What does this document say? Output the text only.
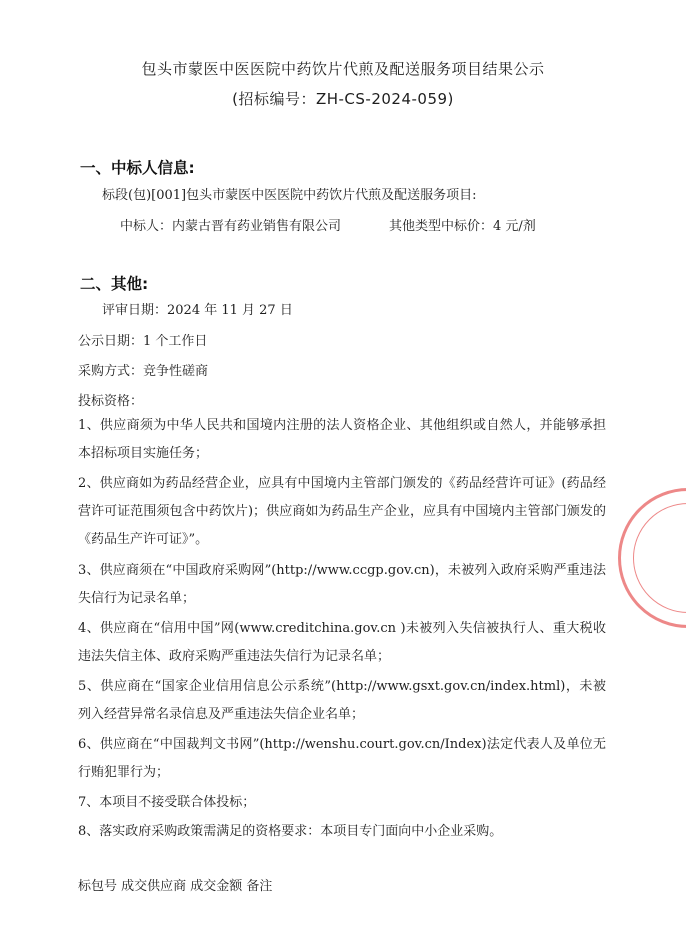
包头市蒙医中医医院中药饮片代煎及配送服务项目结果公示
(招标编号：ZH-CS-2024-059)
一、中标人信息:
标段(包)[001]包头市蒙医中医医院中药饮片代煎及配送服务项目:
中标人：内蒙古晋有药业销售有限公司	其他类型中标价：4 元/剂
二、其他:
评审日期：2024 年 11 月 27 日
公示日期：1 个工作日
采购方式：竞争性磋商
投标资格：
1、供应商须为中华人民共和国境内注册的法人资格企业、其他组织或自然人，并能够承担本招标项目实施任务；
2、供应商如为药品经营企业，应具有中国境内主管部门颁发的《药品经营许可证》(药品经营许可证范围须包含中药饮片)；供应商如为药品生产企业，应具有中国境内主管部门颁发的《药品生产许可证》”。
3、供应商须在“中国政府采购网”(http://www.ccgp.gov.cn)，未被列入政府采购严重违法失信行为记录名单；
4、供应商在“信用中国”网(www.creditchina.gov.cn )未被列入失信被执行人、重大税收违法失信主体、政府采购严重违法失信行为记录名单；
5、供应商在“国家企业信用信息公示系统”(http://www.gsxt.gov.cn/index.html)，未被列入经营异常名录信息及严重违法失信企业名单；
6、供应商在“中国裁判文书网”(http://wenshu.court.gov.cn/Index)法定代表人及单位无行贿犯罪行为；
7、本项目不接受联合体投标；
8、落实政府采购政策需满足的资格要求：本项目专门面向中小企业采购。
标包号 成交供应商 成交金额 备注
